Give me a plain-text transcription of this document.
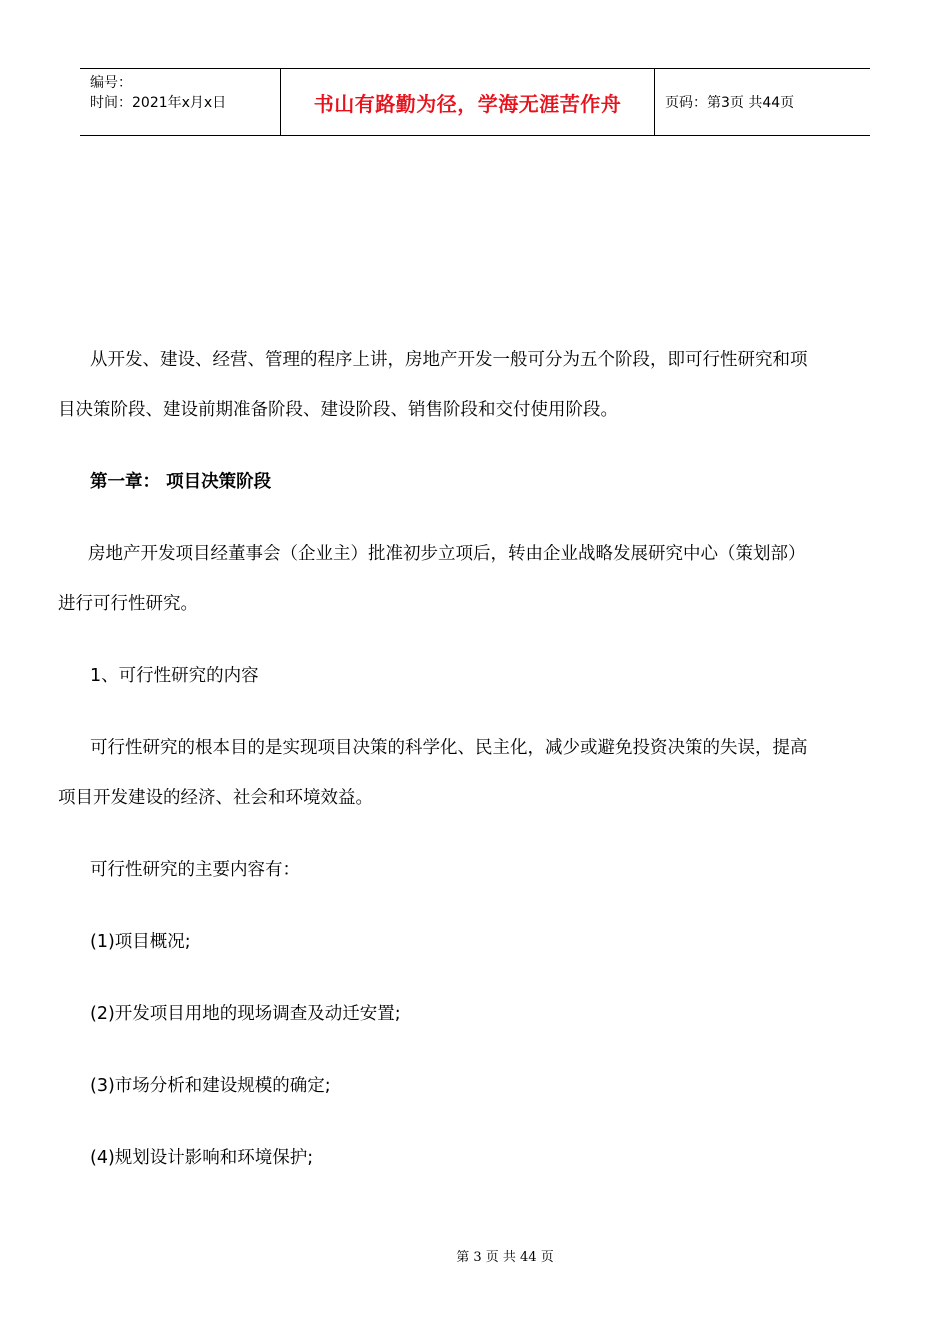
编号：
时间：2021年x月x日	书山有路勤为径，学海无涯苦作舟	页码：第3页 共44页
从开发、建设、经营、管理的程序上讲，房地产开发一般可分为五个阶段，即可行性研究和项
目决策阶段、建设前期准备阶段、建设阶段、销售阶段和交付使用阶段。
第一章： 项目决策阶段
房地产开发项目经董事会（企业主）批准初步立项后，转由企业战略发展研究中心（策划部）
进行可行性研究。
1、可行性研究的内容
可行性研究的根本目的是实现项目决策的科学化、民主化，减少或避免投资决策的失误，提高
项目开发建设的经济、社会和环境效益。
可行性研究的主要内容有：
(1)项目概况;
(2)开发项目用地的现场调查及动迁安置;
(3)市场分析和建设规模的确定;
(4)规划设计影响和环境保护;
第 3 页 共 44 页
